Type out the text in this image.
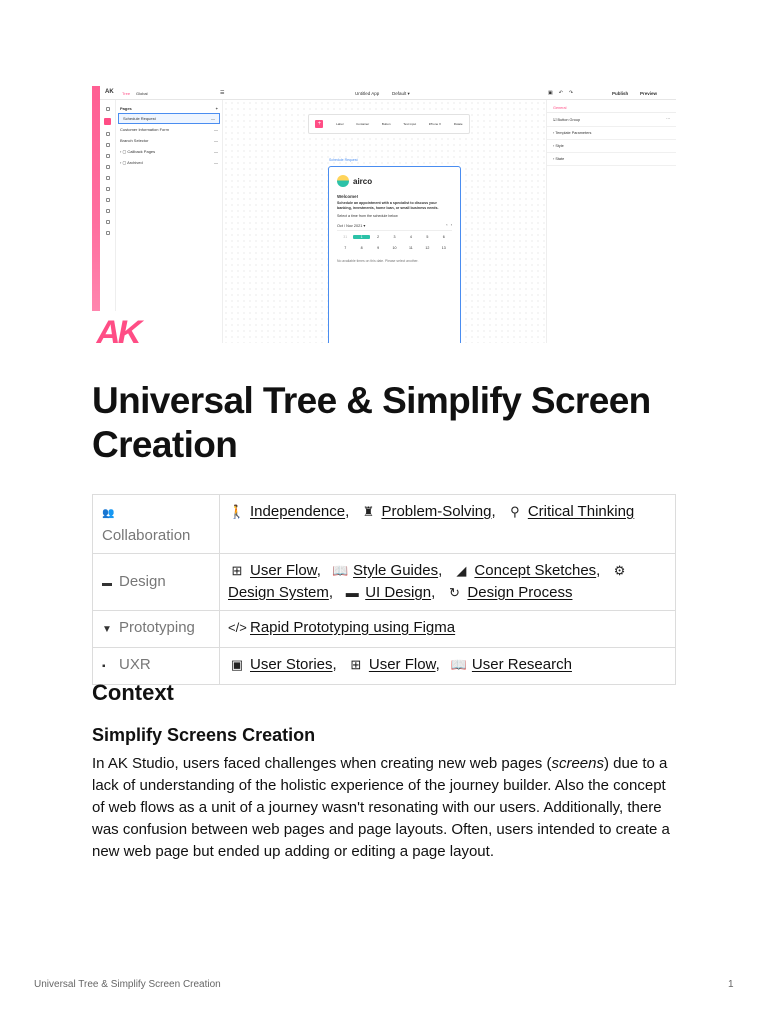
AK Tree Global	☰	Untitled App	Default ▾	▣↶↷	Publish	Preview
Pages	+
Schedule Request	—
Customer Information Form	—
Branch Selector	—
› ▢ Callback Pages	—
› ▢ Archived	—
+	Label	Container	Button	Text input	iPhone X	Rotate
Schedule Request
airco
Welcome!
Schedule an appointment with a specialist to discuss your banking, investments, home loan, or small business needs.
Select a time from the schedule below
Oct / Nov 2021 ▾	‹   ›
31	1	2	3	4	5	6
7	8	9	10	11	12	13
No available times on this date. Please select another.
General
☑ Button Group	···
› Template Parameters
› Style
› State
AK
Universal Tree & Simplify Screen Creation
👥
Collaboration	🚶 Independence, ♜ Problem-Solving, ⚲ Critical Thinking
▬ Design	⊞ User Flow, 📖 Style Guides, ◢ Concept Sketches, ⚙
Design System, ▬ UI Design, ↻ Design Process
▼ Prototyping	</> Rapid Prototyping using Figma
▪ UXR	▣ User Stories, ⊞ User Flow, 📖 User Research
Context
Simplify Screens Creation

In AK Studio, users faced challenges when creating new web pages (screens) due to a lack of understanding of the holistic experience of the journey builder. Also the concept of web flows as a unit of a journey wasn't resonating with our users. Additionally, there was confusion between web pages and page layouts. Often, users intended to create a new web page but ended up adding or editing a page layout.

Universal Tree & Simplify Screen Creation	1
